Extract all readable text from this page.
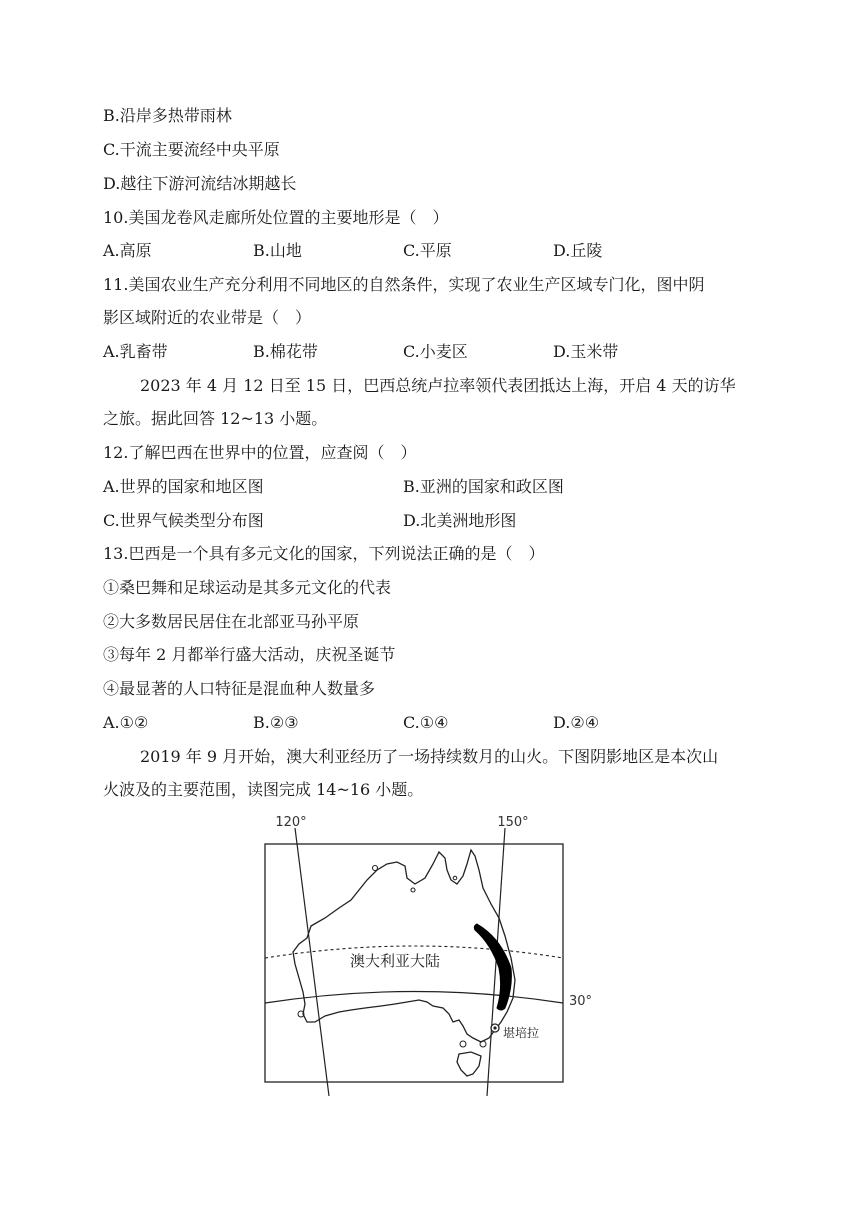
B.沿岸多热带雨林
C.干流主要流经中央平原
D.越往下游河流结冰期越长
10.美国龙卷风走廊所处位置的主要地形是（　）
A.高原	B.山地	C.平原	D.丘陵
11.美国农业生产充分利用不同地区的自然条件，实现了农业生产区域专门化，图中阴
影区域附近的农业带是（　）
A.乳畜带	B.棉花带	C.小麦区	D.玉米带
2023 年 4 月 12 日至 15 日，巴西总统卢拉率领代表团抵达上海，开启 4 天的访华
之旅。据此回答 12~13 小题。
12.了解巴西在世界中的位置，应查阅（　）
A.世界的国家和地区图	B.亚洲的国家和政区图
C.世界气候类型分布图	D.北美洲地形图
13.巴西是一个具有多元文化的国家，下列说法正确的是（　）
①桑巴舞和足球运动是其多元文化的代表
②大多数居民居住在北部亚马孙平原
③每年 2 月都举行盛大活动，庆祝圣诞节
④最显著的人口特征是混血种人数量多
A.①②	B.②③	C.①④	D.②④
2019 年 9 月开始，澳大利亚经历了一场持续数月的山火。下图阴影地区是本次山
火波及的主要范围，读图完成 14~16 小题。
120°	150°
30°
澳大利亚大陆
堪培拉
